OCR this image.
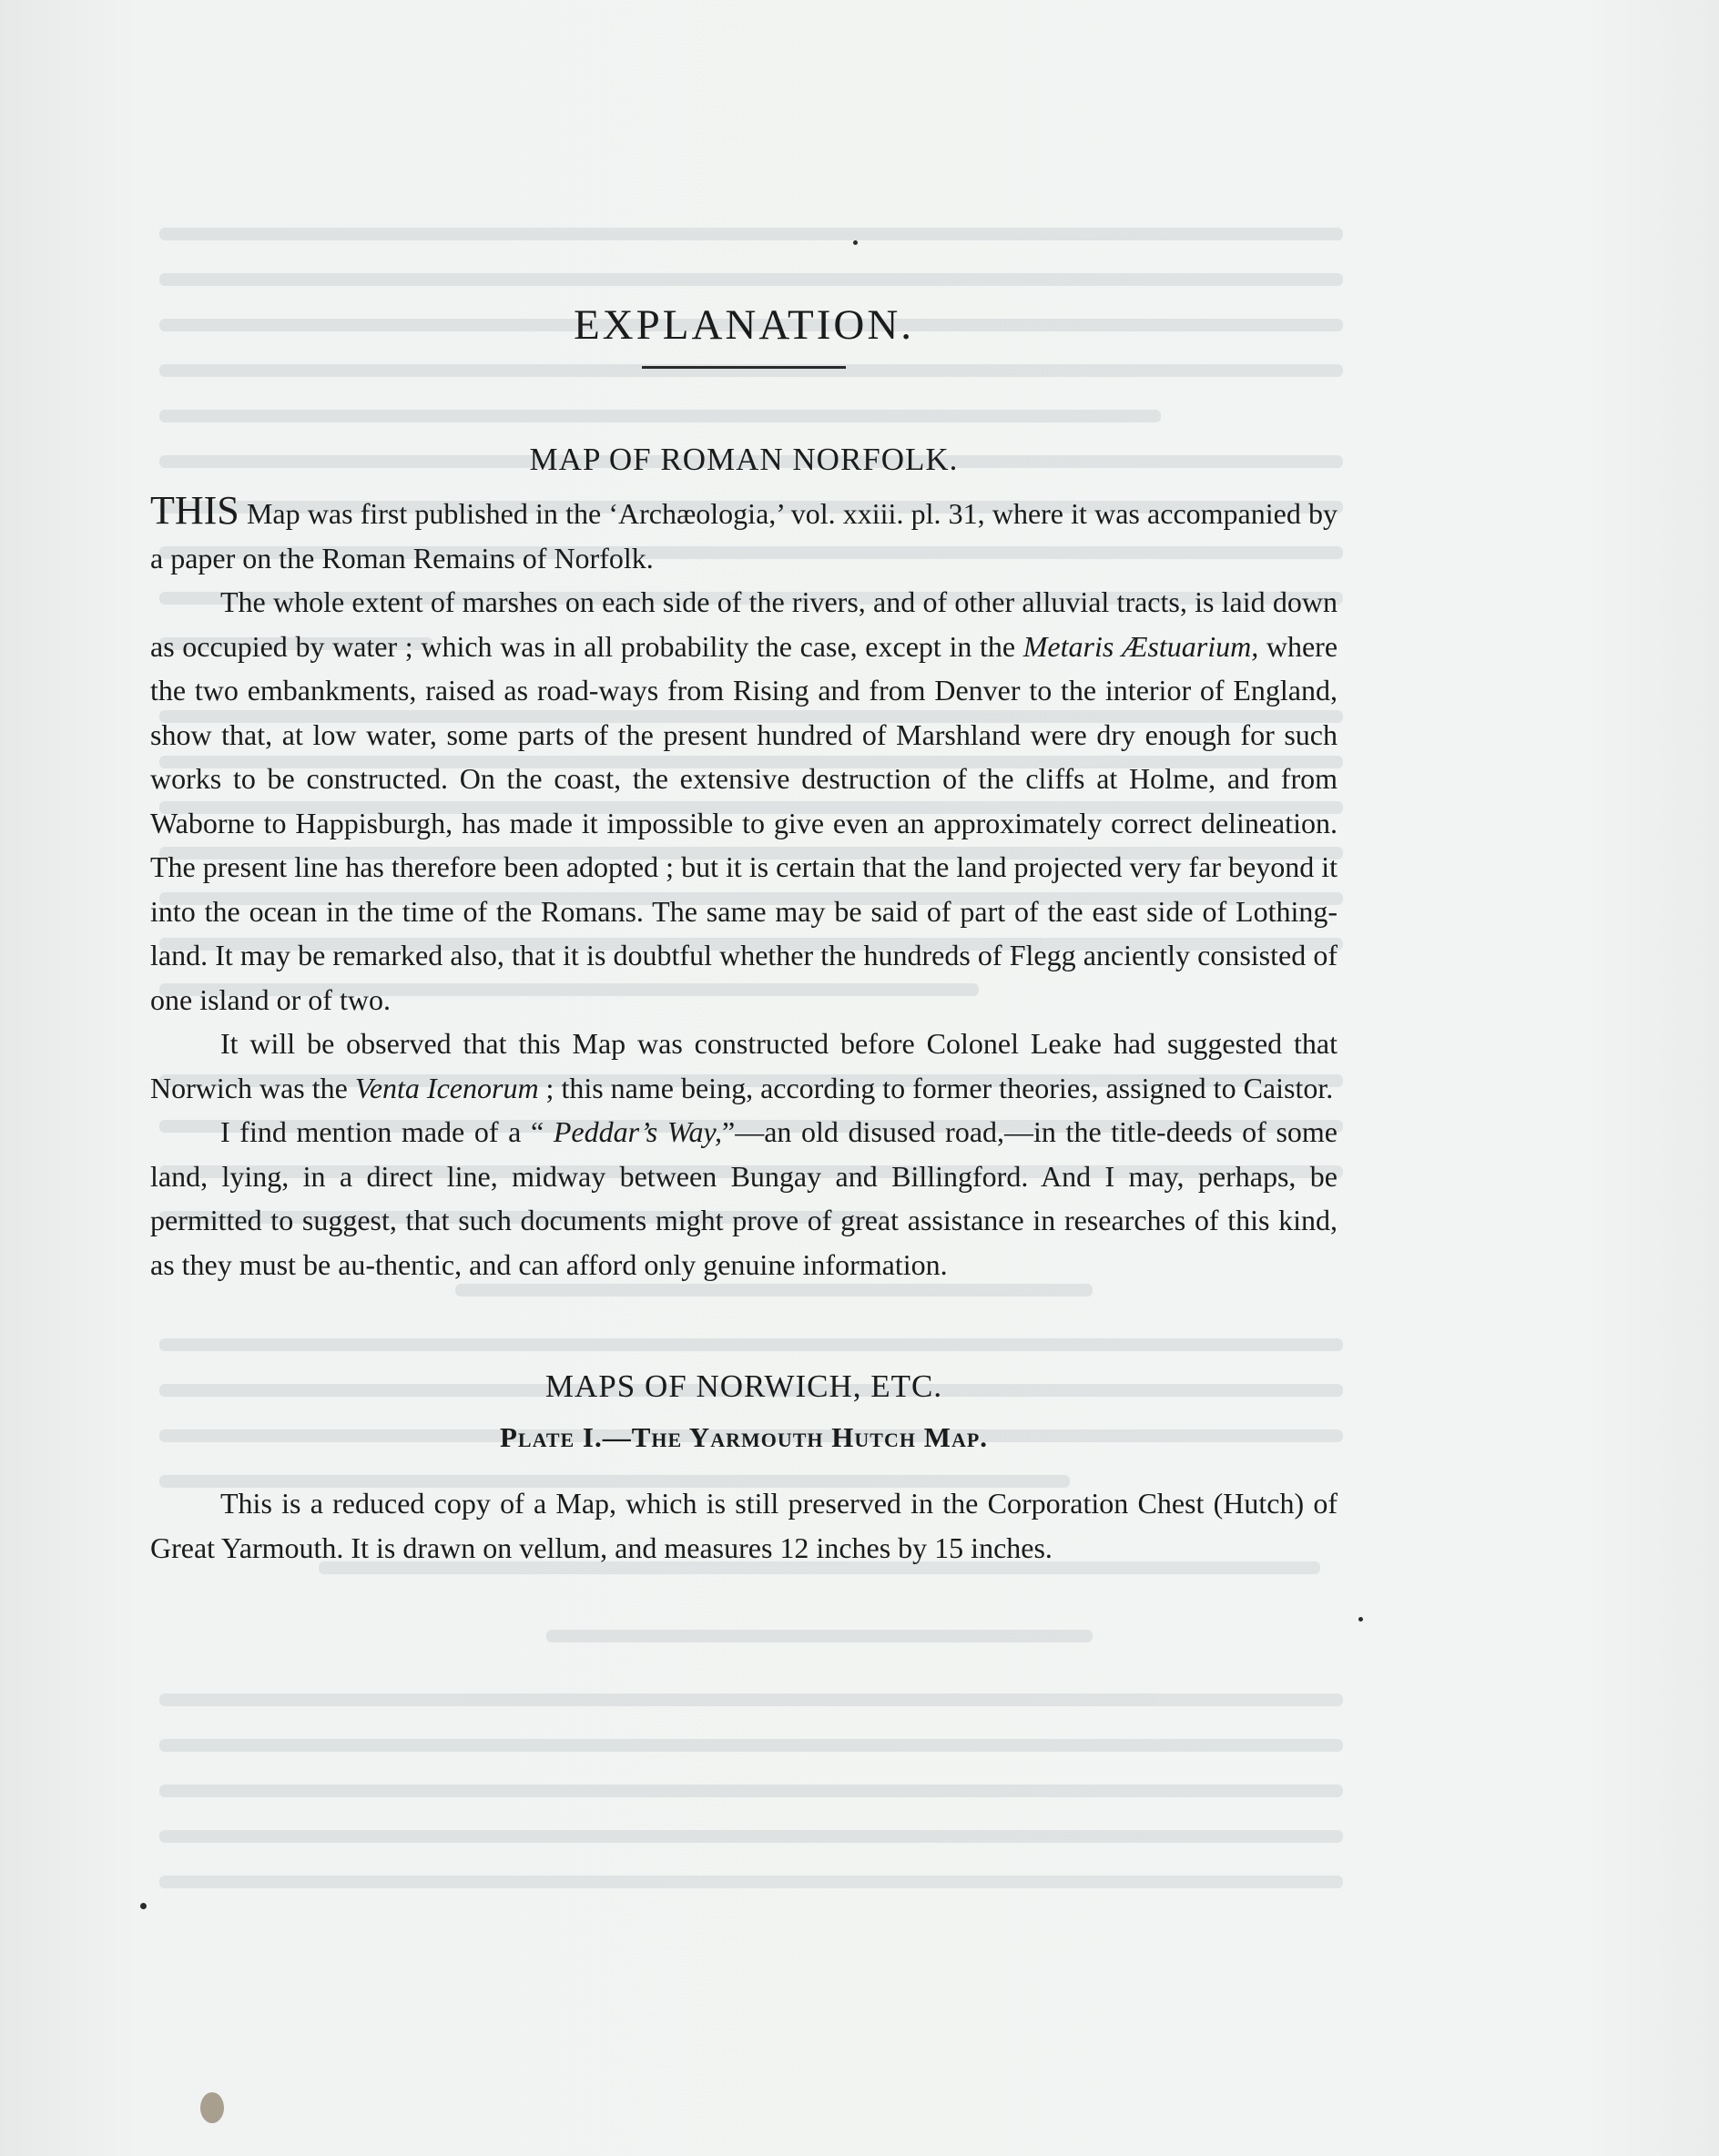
EXPLANATION.
MAP OF ROMAN NORFOLK.

THIS Map was first published in the ‘Archæologia,’ vol. xxiii. pl. 31, where it was accompanied by a paper on the Roman Remains of Norfolk.

The whole extent of marshes on each side of the rivers, and of other alluvial tracts, is laid down as occupied by water ; which was in all probability the case, except in the Metaris Æstuarium, where the two embankments, raised as road-ways from Rising and from Denver to the interior of England, show that, at low water, some parts of the present hundred of Marshland were dry enough for such works to be constructed. On the coast, the extensive destruction of the cliffs at Holme, and from Waborne to Happisburgh, has made it impossible to give even an approximately correct delineation. The present line has therefore been adopted ; but it is certain that the land projected very far beyond it into the ocean in the time of the Romans. The same may be said of part of the east side of Lothing-land. It may be remarked also, that it is doubtful whether the hundreds of Flegg anciently consisted of one island or of two.

It will be observed that this Map was constructed before Colonel Leake had suggested that Norwich was the Venta Icenorum ; this name being, according to former theories, assigned to Caistor.

I find mention made of a “ Peddar’s Way,”—an old disused road,—in the title-deeds of some land, lying, in a direct line, midway between Bungay and Billingford. And I may, perhaps, be permitted to suggest, that such documents might prove of great assistance in researches of this kind, as they must be au-thentic, and can afford only genuine information.

MAPS OF NORWICH, ETC.
Plate I.—The Yarmouth Hutch Map.

This is a reduced copy of a Map, which is still preserved in the Corporation Chest (Hutch) of Great Yarmouth. It is drawn on vellum, and measures 12 inches by 15 inches.
